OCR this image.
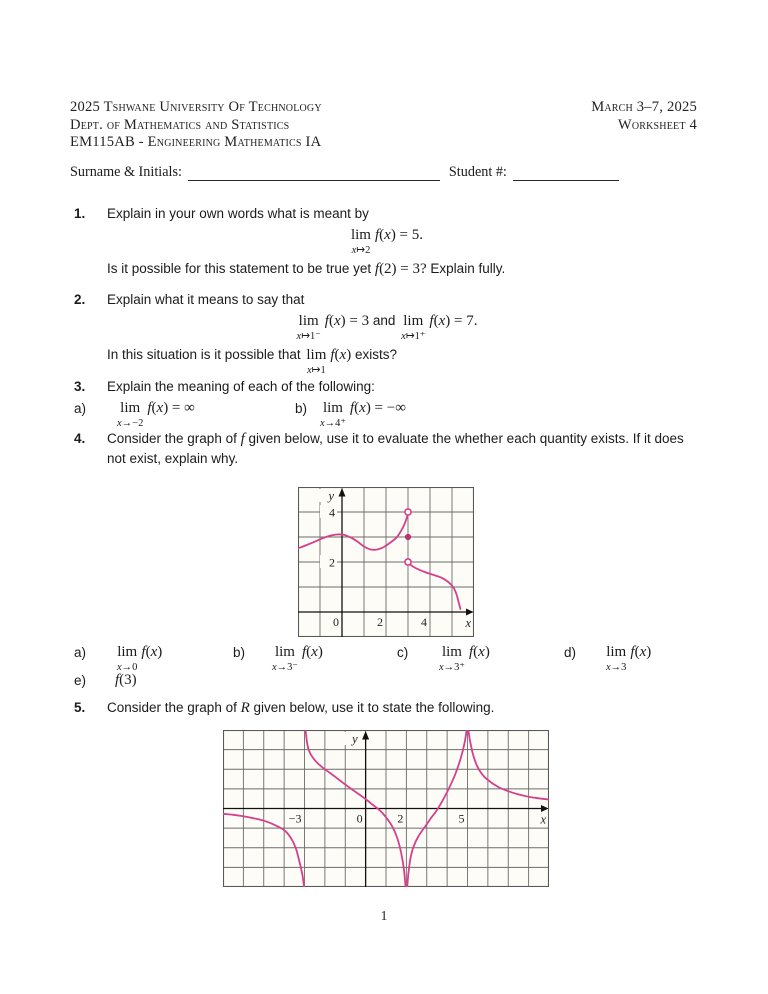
2025 Tshwane University Of Technology
Dept. of Mathematics and Statistics
EM115AB - Engineering Mathematics IA
March 3–7, 2025
Worksheet 4
Surname & Initials:	Student #:
1. Explain in your own words what is meant by
lim
x↦2
f(x) = 5.
Is it possible for this statement to be true yet f(2) = 3? Explain fully.
2. Explain what it means to say that
lim
x↦1⁻
f(x) = 3 and lim
x↦1⁺
f(x) = 7.
In this situation is it possible that lim
x↦1
f(x) exists?
3. Explain the meaning of each of the following:
a) lim
x→−2
f(x) = ∞	b) lim
x→4⁺
f(x) = −∞
4. Consider the graph of f given below, use it to evaluate the whether each quantity exists. If it does not exist, explain why.
2
4
0	2	4
y
x
a) lim
x→0
f(x)	b) lim
x→3⁻
f(x)	c) lim
x→3⁺
f(x)	d) lim
x→3
f(x)
e) f(3)
5. Consider the graph of R given below, use it to state the following.
−3	0	2	5
y
x
1
